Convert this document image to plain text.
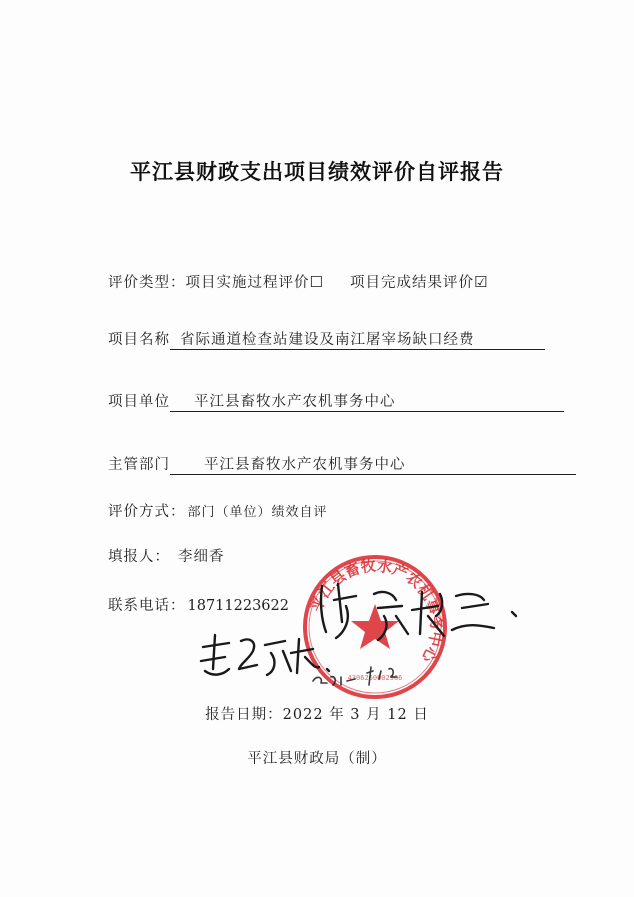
平江县财政支出项目绩效评价自评报告
评价类型：项目实施过程评价☐ 项目完成结果评价☑
项目名称 省际通道检查站建设及南江屠宰场缺口经费
项目单位 平江县畜牧水产农机事务中心
主管部门 平江县畜牧水产农机事务中心
评价方式： 部门（单位）绩效自评
填报人： 李细香
联系电话： 18711223622 平江县畜牧水产农机事务中心
4306260002966
报告日期：2022 年 3 月 12 日
平江县财政局（制）
